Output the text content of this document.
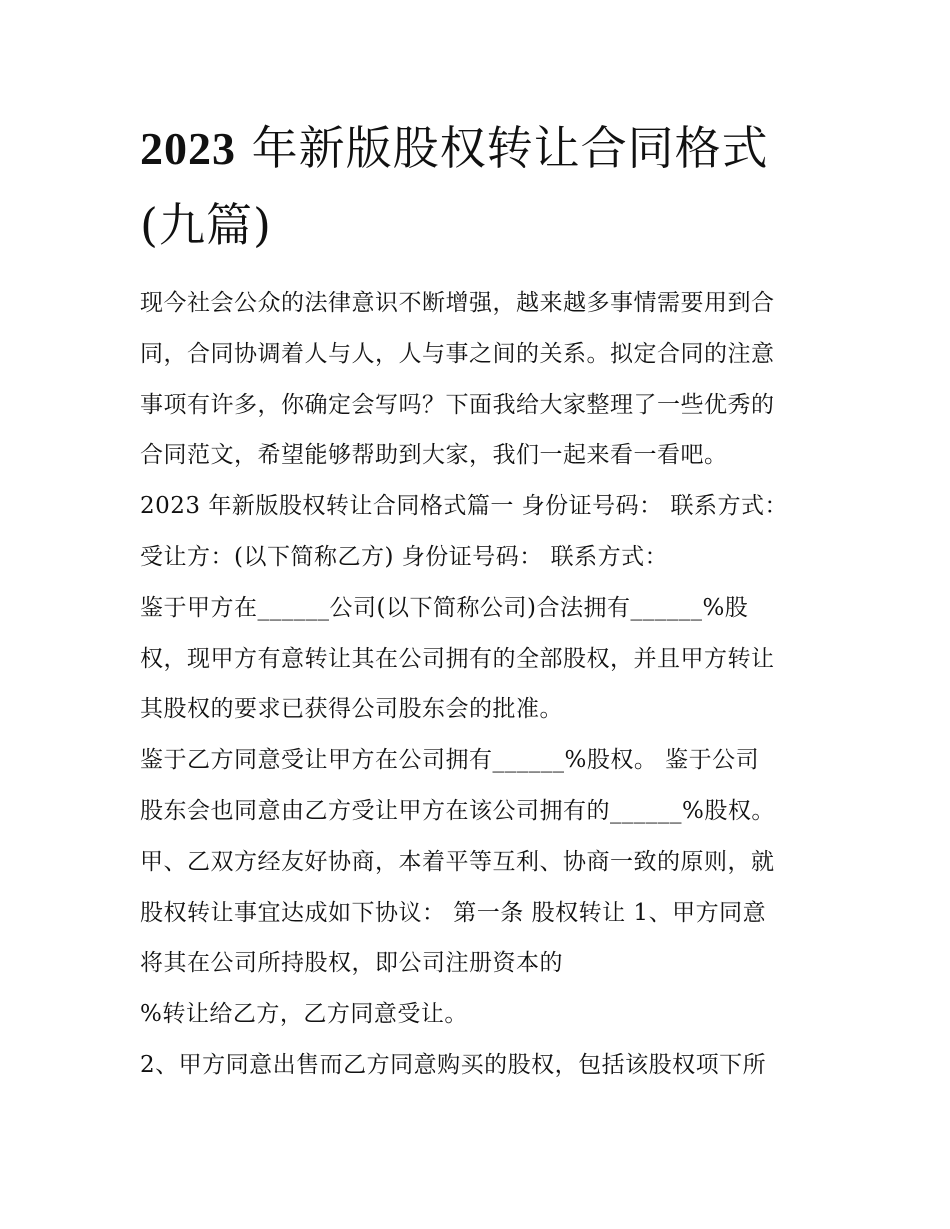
2023 年新版股权转让合同格式
(九篇)
现今社会公众的法律意识不断增强，越来越多事情需要用到合
同，合同协调着人与人，人与事之间的关系。拟定合同的注意
事项有许多，你确定会写吗？下面我给大家整理了一些优秀的
合同范文，希望能够帮助到大家，我们一起来看一看吧。
2023 年新版股权转让合同格式篇一 身份证号码： 联系方式：
受让方：(以下简称乙方) 身份证号码： 联系方式：
鉴于甲方在______公司(以下简称公司)合法拥有______%股
权，现甲方有意转让其在公司拥有的全部股权，并且甲方转让
其股权的要求已获得公司股东会的批准。
鉴于乙方同意受让甲方在公司拥有______%股权。 鉴于公司
股东会也同意由乙方受让甲方在该公司拥有的______%股权。
甲、乙双方经友好协商，本着平等互利、协商一致的原则，就
股权转让事宜达成如下协议： 第一条 股权转让 1、甲方同意
将其在公司所持股权，即公司注册资本的
%转让给乙方，乙方同意受让。
2、甲方同意出售而乙方同意购买的股权，包括该股权项下所
